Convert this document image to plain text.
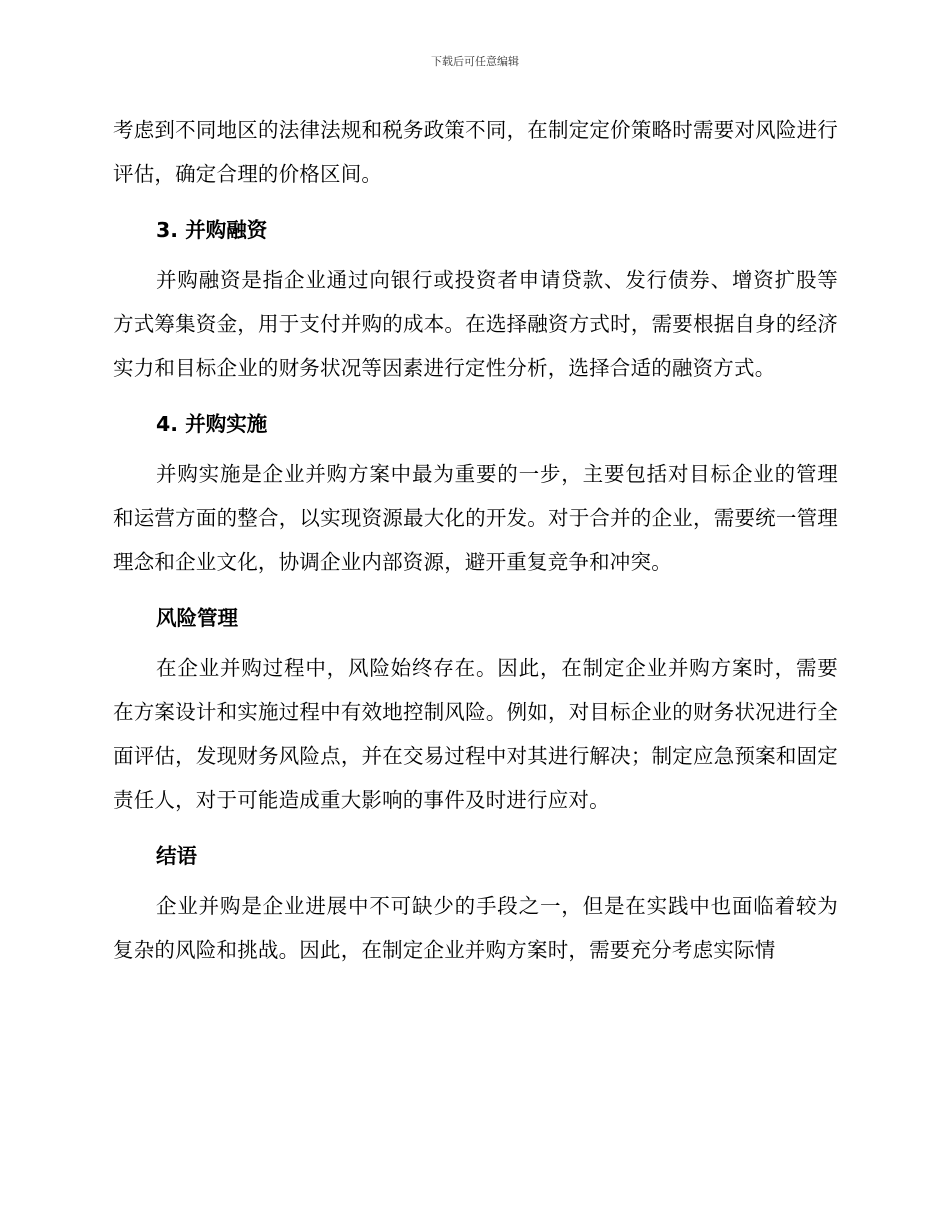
下载后可任意编辑

考虑到不同地区的法律法规和税务政策不同，在制定定价策略时需要对风险进行评估，确定合理的价格区间。

3. 并购融资

并购融资是指企业通过向银行或投资者申请贷款、发行债券、增资扩股等方式筹集资金，用于支付并购的成本。在选择融资方式时，需要根据自身的经济实力和目标企业的财务状况等因素进行定性分析，选择合适的融资方式。

4. 并购实施

并购实施是企业并购方案中最为重要的一步，主要包括对目标企业的管理和运营方面的整合，以实现资源最大化的开发。对于合并的企业，需要统一管理理念和企业文化，协调企业内部资源，避开重复竞争和冲突。

风险管理

在企业并购过程中，风险始终存在。因此，在制定企业并购方案时，需要在方案设计和实施过程中有效地控制风险。例如，对目标企业的财务状况进行全面评估，发现财务风险点，并在交易过程中对其进行解决；制定应急预案和固定责任人，对于可能造成重大影响的事件及时进行应对。

结语

企业并购是企业进展中不可缺少的手段之一，但是在实践中也面临着较为复杂的风险和挑战。因此，在制定企业并购方案时，需要充分考虑实际情
